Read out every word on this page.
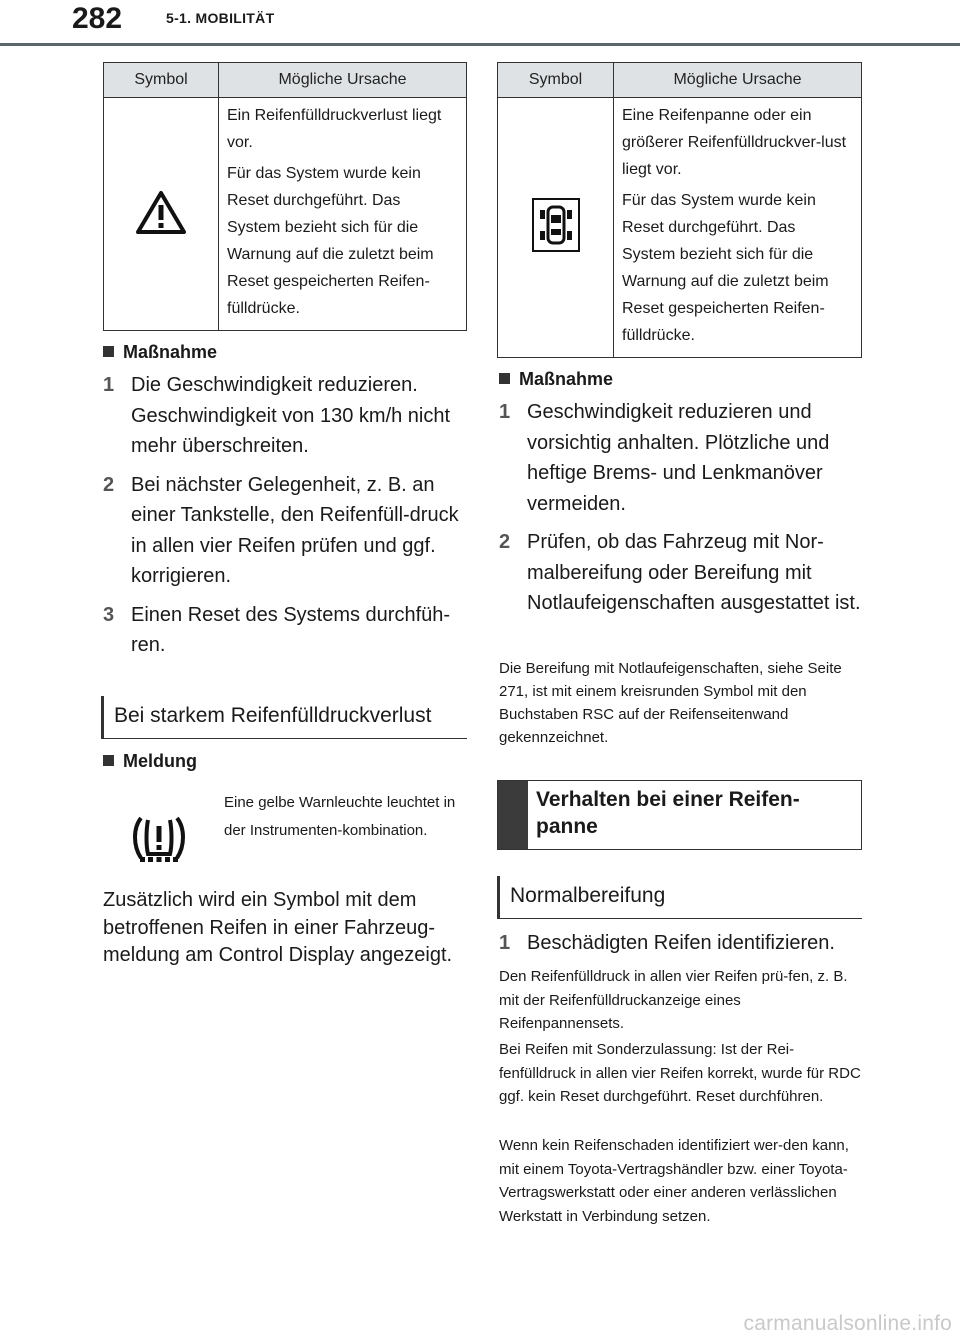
282	5-1. MOBILITÄT
Symbol	Mögliche Ursache

Ein Reifenfülldruckverlust liegt vor.

Für das System wurde kein Reset durchgeführt. Das System bezieht sich für die Warnung auf die zuletzt beim Reset gespeicherten Reifen-fülldrücke.

Maßnahme
1 Die Geschwindigkeit reduzieren. Geschwindigkeit von 130 km/h nicht mehr überschreiten.
2 Bei nächster Gelegenheit, z. B. an einer Tankstelle, den Reifenfüll-druck in allen vier Reifen prüfen und ggf. korrigieren.
3 Einen Reset des Systems durchfüh-ren.
Bei starkem Reifenfülldruckverlust
Meldung
Eine gelbe Warnleuchte leuchtet in der Instrumenten-kombination.
Zusätzlich wird ein Symbol mit dem betroffenen Reifen in einer Fahrzeug-meldung am Control Display angezeigt.
Symbol	Mögliche Ursache

Eine Reifenpanne oder ein größerer Reifenfülldruckver-lust liegt vor.

Für das System wurde kein Reset durchgeführt. Das System bezieht sich für die Warnung auf die zuletzt beim Reset gespeicherten Reifen-fülldrücke.

Maßnahme
1 Geschwindigkeit reduzieren und vorsichtig anhalten. Plötzliche und heftige Brems- und Lenkmanöver vermeiden.
2 Prüfen, ob das Fahrzeug mit Nor-malbereifung oder Bereifung mit Notlaufeigenschaften ausgestattet ist.
Die Bereifung mit Notlaufeigenschaften, siehe Seite 271, ist mit einem kreisrunden Symbol mit den Buchstaben RSC auf der Reifenseitenwand gekennzeichnet.
Verhalten bei einer Reifen-panne
Normalbereifung
1 Beschädigten Reifen identifizieren.
Den Reifenfülldruck in allen vier Reifen prü-fen, z. B. mit der Reifenfülldruckanzeige eines Reifenpannensets.
Bei Reifen mit Sonderzulassung: Ist der Rei-fenfülldruck in allen vier Reifen korrekt, wurde für RDC ggf. kein Reset durchgeführt. Reset durchführen.
Wenn kein Reifenschaden identifiziert wer-den kann, mit einem Toyota-Vertragshändler bzw. einer Toyota-Vertragswerkstatt oder einer anderen verlässlichen Werkstatt in Verbindung setzen.
carmanualsonline.info
